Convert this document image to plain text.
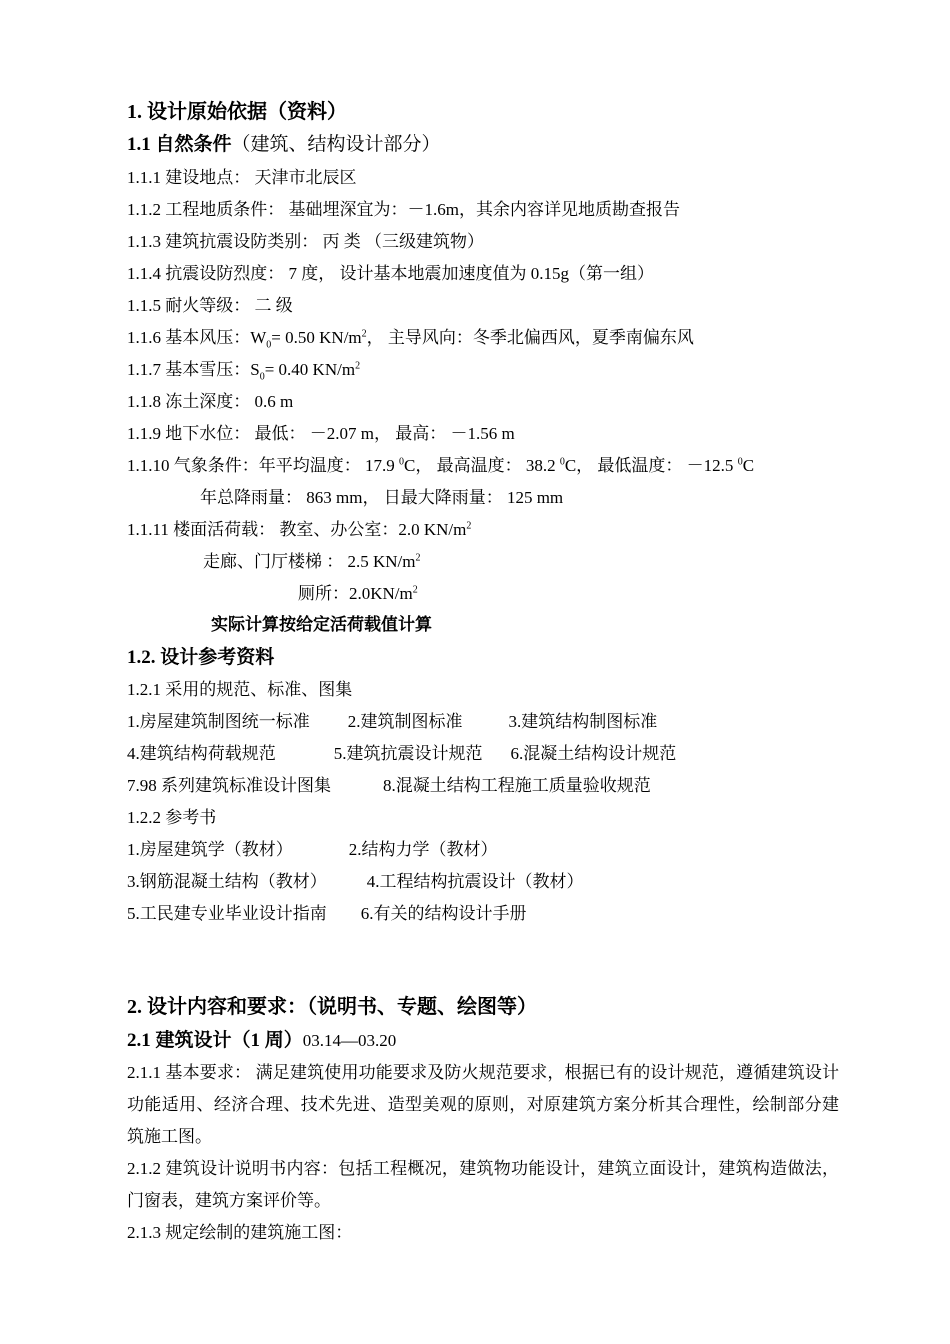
1. 设计原始依据（资料）
1.1 自然条件（建筑、结构设计部分）
1.1.1 建设地点： 天津市北辰区
1.1.2 工程地质条件： 基础埋深宜为：－1.6m，其余内容详见地质勘查报告
1.1.3 建筑抗震设防类别： 丙 类 （三级建筑物）
1.1.4 抗震设防烈度： 7 度， 设计基本地震加速度值为 0.15g（第一组）
1.1.5 耐火等级： 二 级
1.1.6 基本风压：$W_0= 0.50$ $KN/m^2$， 主导风向：冬季北偏西风，夏季南偏东风
1.1.7 基本雪压：$S_0= 0.40$ $KN/m^2$
1.1.8 冻土深度： 0.6 m
1.1.9 地下水位： 最低： －2.07 m， 最高： －1.56 m
1.1.10 气象条件：年平均温度： 17.9 $^0$C， 最高温度： 38.2 $^0$C， 最低温度： －12.5 $^0$C
年总降雨量： 863 mm， 日最大降雨量： 125 mm
1.1.11 楼面活荷载： 教室、办公室：2.0 $KN/m^2$
走廊、门厅楼梯 ： 2.5 $KN/m^2$
厕所：$2.0KN/m^2$
实际计算按给定活荷载值计算
1.2. 设计参考资料
1.2.1 采用的规范、标准、图集
1.房屋建筑制图统一标准 2.建筑制图标准	3.建筑结构制图标准
4.建筑结构荷载规范	5.建筑抗震设计规范 6.混凝土结构设计规范
7.98 系列建筑标准设计图集	8.混凝土结构工程施工质量验收规范
1.2.2 参考书
1.房屋建筑学（教材）	2.结构力学（教材）
3.钢筋混凝土结构（教材） 4.工程结构抗震设计（教材）
5.工民建专业毕业设计指南 6.有关的结构设计手册
2. 设计内容和要求：（说明书、专题、绘图等）
2.1 建筑设计（1 周）03.14—03.20
2.1.1 基本要求： 满足建筑使用功能要求及防火规范要求，根据已有的设计规范，遵循建筑设计功能适用、经济合理、技术先进、造型美观的原则，对原建筑方案分析其合理性，绘制部分建筑施工图。
2.1.2 建筑设计说明书内容：包括工程概况，建筑物功能设计，建筑立面设计，建筑构造做法，门窗表，建筑方案评价等。
2.1.3 规定绘制的建筑施工图：
